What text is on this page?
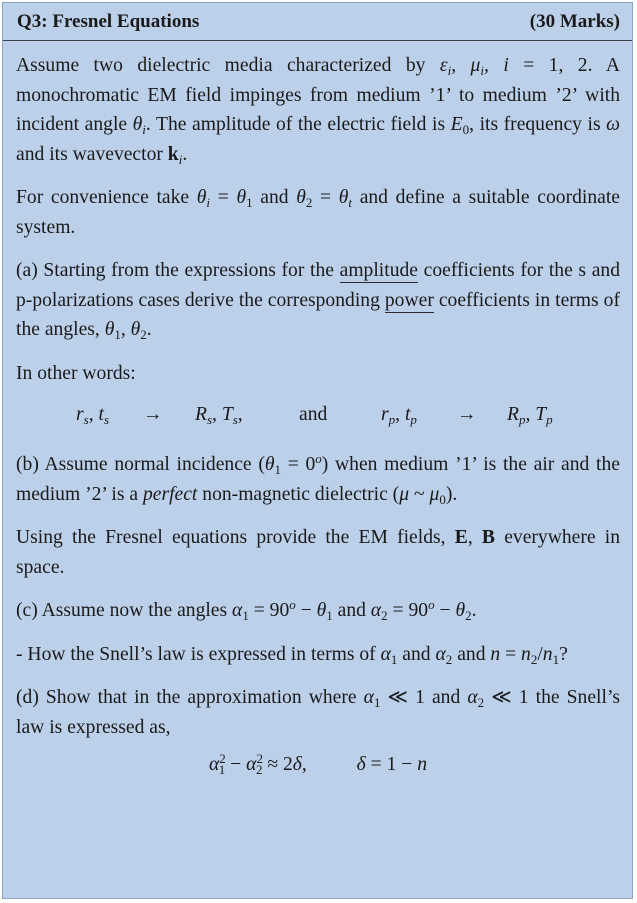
Q3: Fresnel Equations	(30 Marks)

Assume two dielectric media characterized by $\varepsilon_i$, $\mu_i$, i = 1, 2. A monochromatic EM field impinges from medium ’1’ to medium ’2’ with incident angle $\theta_i$. The amplitude of the electric field is $E_0$, its frequency is ω and its wavevector $k_i$.

For convenience take $\theta_i = \theta_1$ and $\theta_2 = \theta_t$ and define a suitable coordinate system.

(a) Starting from the expressions for the amplitude coefficients for the s and p-polarizations cases derive the corresponding power coefficients in terms of the angles, $\theta_1$, $\theta_2$.

In other words:

$r_s$, $t_s$	→	$R_s$, $T_s$,	and	$r_p$, $t_p$	→	$R_p$, $T_p$

(b) Assume normal incidence $(\theta_1 = 0^o)$ when medium ’1’ is the air and the medium ’2’ is a perfect non-magnetic dielectric (μ ~ $\mu_0$).

Using the Fresnel equations provide the EM fields, E, B everywhere in space.

(c) Assume now the angles $\alpha_1 = 90^o - \theta_1$ and $\alpha_2 = 90^o - \theta_2$.

- How the Snell’s law is expressed in terms of $\alpha_1$ and $\alpha_2$ and $n = n_2/n_1$?

(d) Show that in the approximation where $\alpha_1$ ≪ 1 and $\alpha_2$ ≪ 1 the Snell’s law is expressed as,

$\alpha^2_1 - \alpha^2_2 \approx 2\delta$,  δ = 1 − n
